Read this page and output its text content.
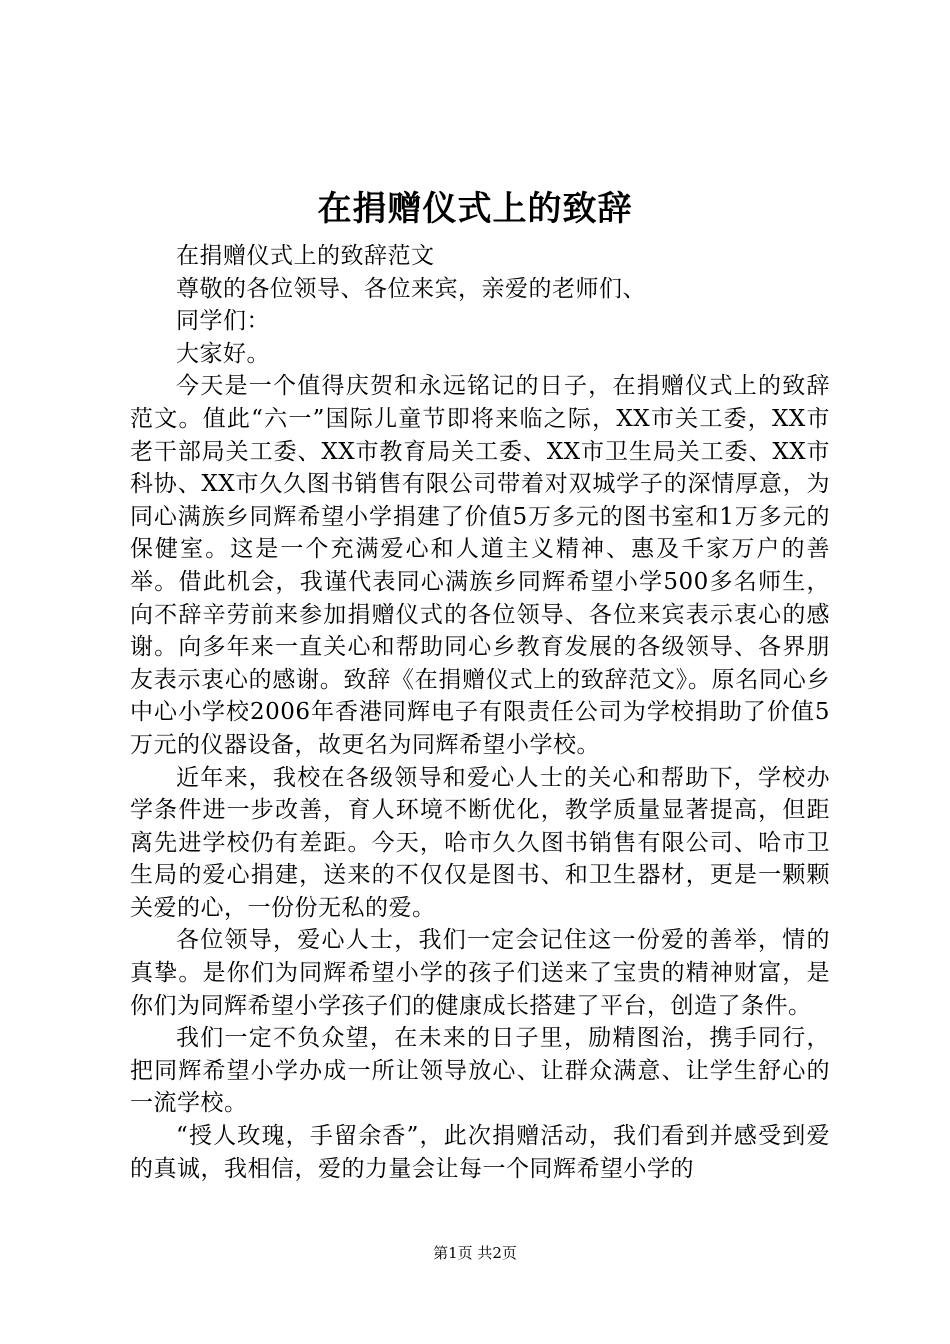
在捐赠仪式上的致辞

在捐赠仪式上的致辞范文

尊敬的各位领导、各位来宾，亲爱的老师们、

同学们：

大家好。

今天是一个值得庆贺和永远铭记的日子，在捐赠仪式上的致辞范文。值此“六一”国际儿童节即将来临之际，XX市关工委，XX市老干部局关工委、XX市教育局关工委、XX市卫生局关工委、XX市科协、XX市久久图书销售有限公司带着对双城学子的深情厚意，为同心满族乡同辉希望小学捐建了价值5万多元的图书室和1万多元的保健室。这是一个充满爱心和人道主义精神、惠及千家万户的善举。借此机会，我谨代表同心满族乡同辉希望小学500多名师生，向不辞辛劳前来参加捐赠仪式的各位领导、各位来宾表示衷心的感谢。向多年来一直关心和帮助同心乡教育发展的各级领导、各界朋友表示衷心的感谢。致辞《在捐赠仪式上的致辞范文》。原名同心乡中心小学校2006年香港同辉电子有限责任公司为学校捐助了价值5万元的仪器设备，故更名为同辉希望小学校。

近年来，我校在各级领导和爱心人士的关心和帮助下，学校办学条件进一步改善，育人环境不断优化，教学质量显著提高，但距离先进学校仍有差距。今天，哈市久久图书销售有限公司、哈市卫生局的爱心捐建，送来的不仅仅是图书、和卫生器材，更是一颗颗关爱的心，一份份无私的爱。

各位领导，爱心人士，我们一定会记住这一份爱的善举，情的真挚。是你们为同辉希望小学的孩子们送来了宝贵的精神财富，是你们为同辉希望小学孩子们的健康成长搭建了平台，创造了条件。

我们一定不负众望，在未来的日子里，励精图治，携手同行，把同辉希望小学办成一所让领导放心、让群众满意、让学生舒心的一流学校。

“授人玫瑰，手留余香”，此次捐赠活动，我们看到并感受到爱的真诚，我相信，爱的力量会让每一个同辉希望小学的

第1页 共2页
